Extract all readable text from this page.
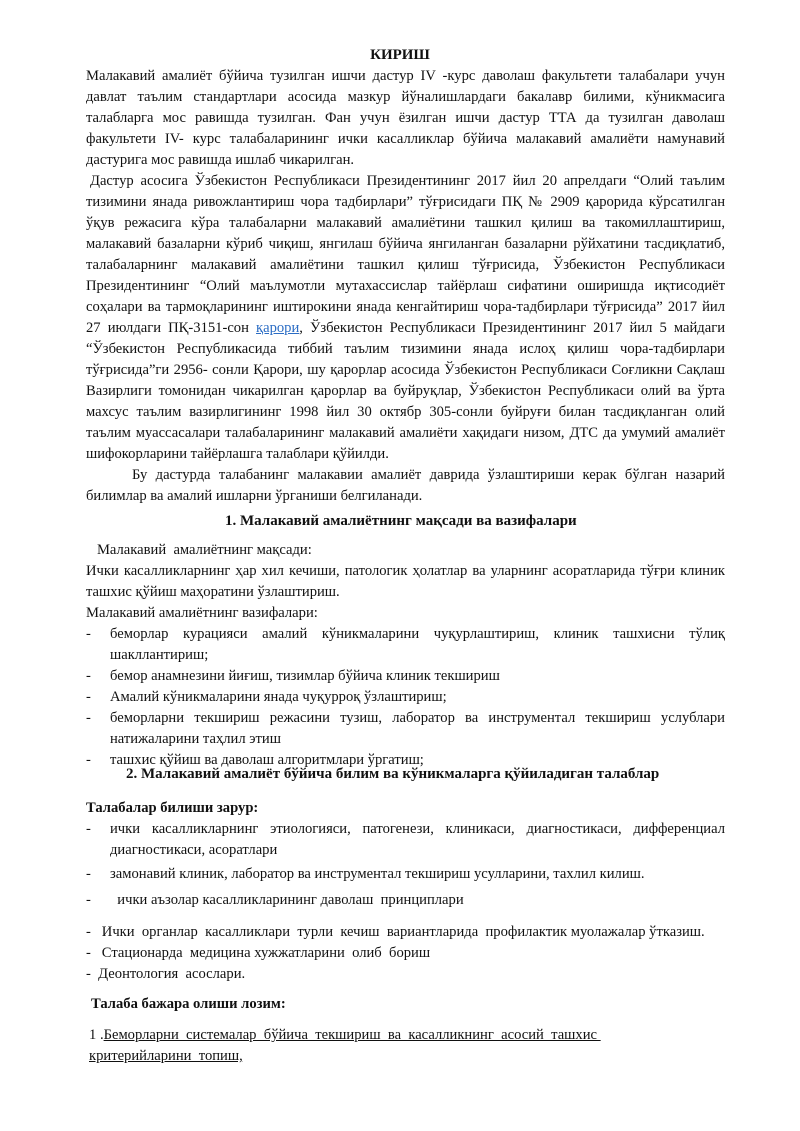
КИРИШ

Малакавий амалиёт бўйича тузилган ишчи дастур IV -курс даволаш факультети талабалари учун давлат таълим стандартлари асосида мазкур йўналишлардаги бакалавр билими, кўникмасига талабларга мос равишда тузилган. Фан учун ёзилган ишчи дастур ТТА да тузилган даволаш факультети IV- курс талабаларининг ички касалликлар бўйича малакавий амалиёти намунавий дастурига мос равишда ишлаб чикарилган.

Дастур асосига Ўзбекистон Республикаси Президентининг 2017 йил 20 апрелдаги “Олий таълим тизимини янада ривожлантириш чора тадбирлари” тўғрисидаги ПҚ № 2909 қарорида кўрсатилган ўқув режасига кўра талабаларни малакавий амалиётини ташкил қилиш ва такомиллаштириш, малакавий базаларни кўриб чиқиш, янгилаш бўйича янгиланган базаларни рўйхатини тасдиқлатиб, талабаларнинг малакавий амалиётини ташкил қилиш тўғрисида, Ўзбекистон Республикаси Президентининг “Олий маълумотли мутахассислар тайёрлаш сифатини оширишда иқтисодиёт соҳалари ва тармоқларининг иштирокини янада кенгайтириш чора-тадбирлари тўғрисида” 2017 йил 27 июлдаги ПҚ-3151-сон қарори, Ўзбекистон Республикаси Президентининг 2017 йил 5 майдаги “Ўзбекистон Республикасида тиббий таълим тизимини янада ислоҳ қилиш чора-тадбирлари тўғрисида”ги 2956- сонли Қарори, шу қарорлар асосида Ўзбекистон Республикаси Соғликни Сақлаш Вазирлиги томонидан чикарилган қарорлар ва буйруқлар, Ўзбекистон Республикаси олий ва ўрта махсус таълим вазирлигининг 1998 йил 30 октябр 305-сонли буйруғи билан тасдиқланган олий таълим муассасалари талабаларининг малакавий амалиёти хақидаги низом, ДТС да умумий амалиёт шифокорларини тайёрлашга талаблари қўйилди.

Бу дастурда талабанинг малакавии амалиёт даврида ўзлаштириши керак бўлган назарий билимлар ва амалий ишларни ўрганиши белгиланади.

1. Малакавий амалиётнинг мақсади ва вазифалари

Малакавий  амалиётнинг мақсади:

Ички касалликларнинг ҳар хил кечиши, патологик ҳолатлар ва уларнинг асоратларида тўғри клиник ташхис қўйиш маҳоратини ўзлаштириш.

Малакавий амалиётнинг вазифалари:

-	беморлар курацияси амалий кўникмаларини чуқурлаштириш, клиник ташхисни тўлиқ шакллантириш;
-	бемор анамнезини йиғиш, тизимлар бўйича клиник текшириш
-	Амалий кўникмаларини янада чуқурроқ ўзлаштириш;
-	беморларни текшириш режасини тузиш, лаборатор ва инструментал текшириш услублари натижаларини таҳлил этиш
-	ташхис қўйиш ва даволаш алгоритмлари ўргатиш;
2. Малакавий амалиёт бўйича билим ва кўникмаларга қўйиладиган талаблар

Талабалар билиши зарур:

-	ички касалликларнинг этиологияси, патогенези, клиникаси, диагностикаси, дифференциал диагностикаси, асоратлари
-	замонавий клиник, лаборатор ва инструментал текшириш усулларини, тахлил килиш.
-	ички аъзолар касалликларининг даволаш  принциплари

-   Ички  органлар  касалликлари  турли  кечиш  вариантларида  профилактик муолажалар ўтказиш.

-   Стационарда  медицина хужжатларини  олиб  бориш

-  Деонтология  асослари.

Талаба бажара олиши лозим:

1 .Беморларни  системалар  бўйича  текшириш  ва  касалликнинг  асосий  ташхис критерийларини  топиш,
